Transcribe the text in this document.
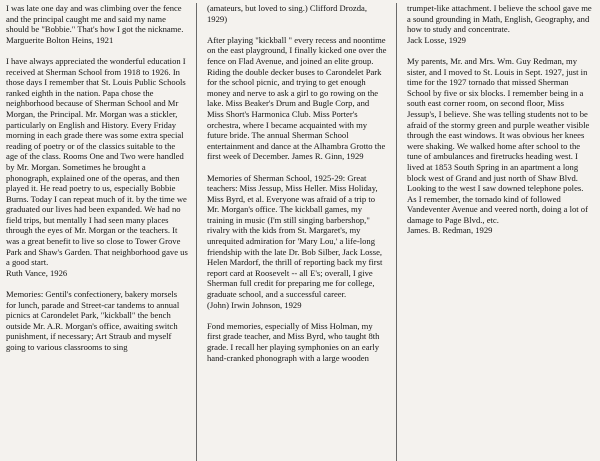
I was late one day and was climbing over the fence and the principal caught me and said my name should be "Bobbie." That's how I got the nickname.

Marguerite Bolton Heins, 1921

I have always appreciated the wonderful education I received at Sherman School from 1918 to 1926. In those days I remember that St. Louis Public Schools ranked eighth in the nation. Papa chose the neighborhood because of Sherman School and Mr Morgan, the Principal. Mr. Morgan was a stickler, particularly on English and History. Every Friday morning in each grade there was some extra special reading of poetry or of the classics suitable to the age of the class. Rooms One and Two were handled by Mr. Morgan. Sometimes he brought a phonograph, explained one of the operas, and then played it. He read poetry to us, especially Bobbie Burns. Today I can repeat much of it. by the time we graduated our lives had been expanded. We had no field trips, but mentally I had seen many places through the eyes of Mr. Morgan or the teachers. It was a great benefit to live so close to Tower Grove Park and Shaw's Garden. That neighborhood gave us a good start.

Ruth Vance, 1926

Memories: Gentil's confectionery, bakery morsels for lunch, parade and Street-car tandems to annual picnics at Carondelet Park, "kickball" the bench outside Mr. A.R. Morgan's office, awaiting switch punishment, if necessary; Art Straub and myself going to various classrooms to sing

(amateurs, but loved to sing.) Clifford Drozda, 1929)

After playing "kickball " every recess and noontime on the east playground, I finally kicked one over the fence on Flad Avenue, and joined an elite group. Riding the double decker buses to Carondelet Park for the school picnic, and trying to get enough money and nerve to ask a girl to go rowing on the lake. Miss Beaker's Drum and Bugle Corp, and Miss Short's Harmonica Club. Miss Porter's orchestra, where I became acquainted with my future bride. The annual Sherman School entertainment and dance at the Alhambra Grotto the first week of December. James R. Ginn, 1929

Memories of Sherman School, 1925-29: Great teachers: Miss Jessup, Miss Heller. Miss Holiday, Miss Byrd, et al. Everyone was afraid of a trip to Mr. Morgan's office. The kickball games, my training in music (I'm still singing barbershop," rivalry with the kids from St. Margaret's, my unrequited admiration for 'Mary Lou,' a life-long friendship with the late Dr. Bob Silber, Jack Losse, Helen Mardorf, the thrill of reporting back my first report card at Roosevelt -- all E's; overall, I give Sherman full credit for preparing me for college, graduate school, and a successful career.

(John) Irwin Johnson, 1929

Fond memories, especially of Miss Holman, my first grade teacher, and Miss Byrd, who taught 8th grade. I recall her playing symphonies on an early hand-cranked phonograph with a large wooden

trumpet-like attachment. I believe the school gave me a sound grounding in Math, English, Geography, and how to study and concentrate.

Jack Losse, 1929

My parents, Mr. and Mrs. Wm. Guy Redman, my sister, and I moved to St. Louis in Sept. 1927, just in time for the 1927 tornado that missed Sherman School by five or six blocks. I remember being in a south east corner room, on second floor, Miss Jessup's, I believe. She was telling students not to be afraid of the stormy green and purple weather visible through the east windows. It was obvious her knees were shaking. We walked home after school to the tune of ambulances and firetrucks heading west. I lived at 1853 South Spring in an apartment a long block west of Grand and just north of Shaw Blvd. Looking to the west I saw downed telephone poles. As I remember, the tornado kind of followed Vandeventer Avenue and veered north, doing a lot of damage to Page Blvd., etc.

James. B. Redman, 1929
